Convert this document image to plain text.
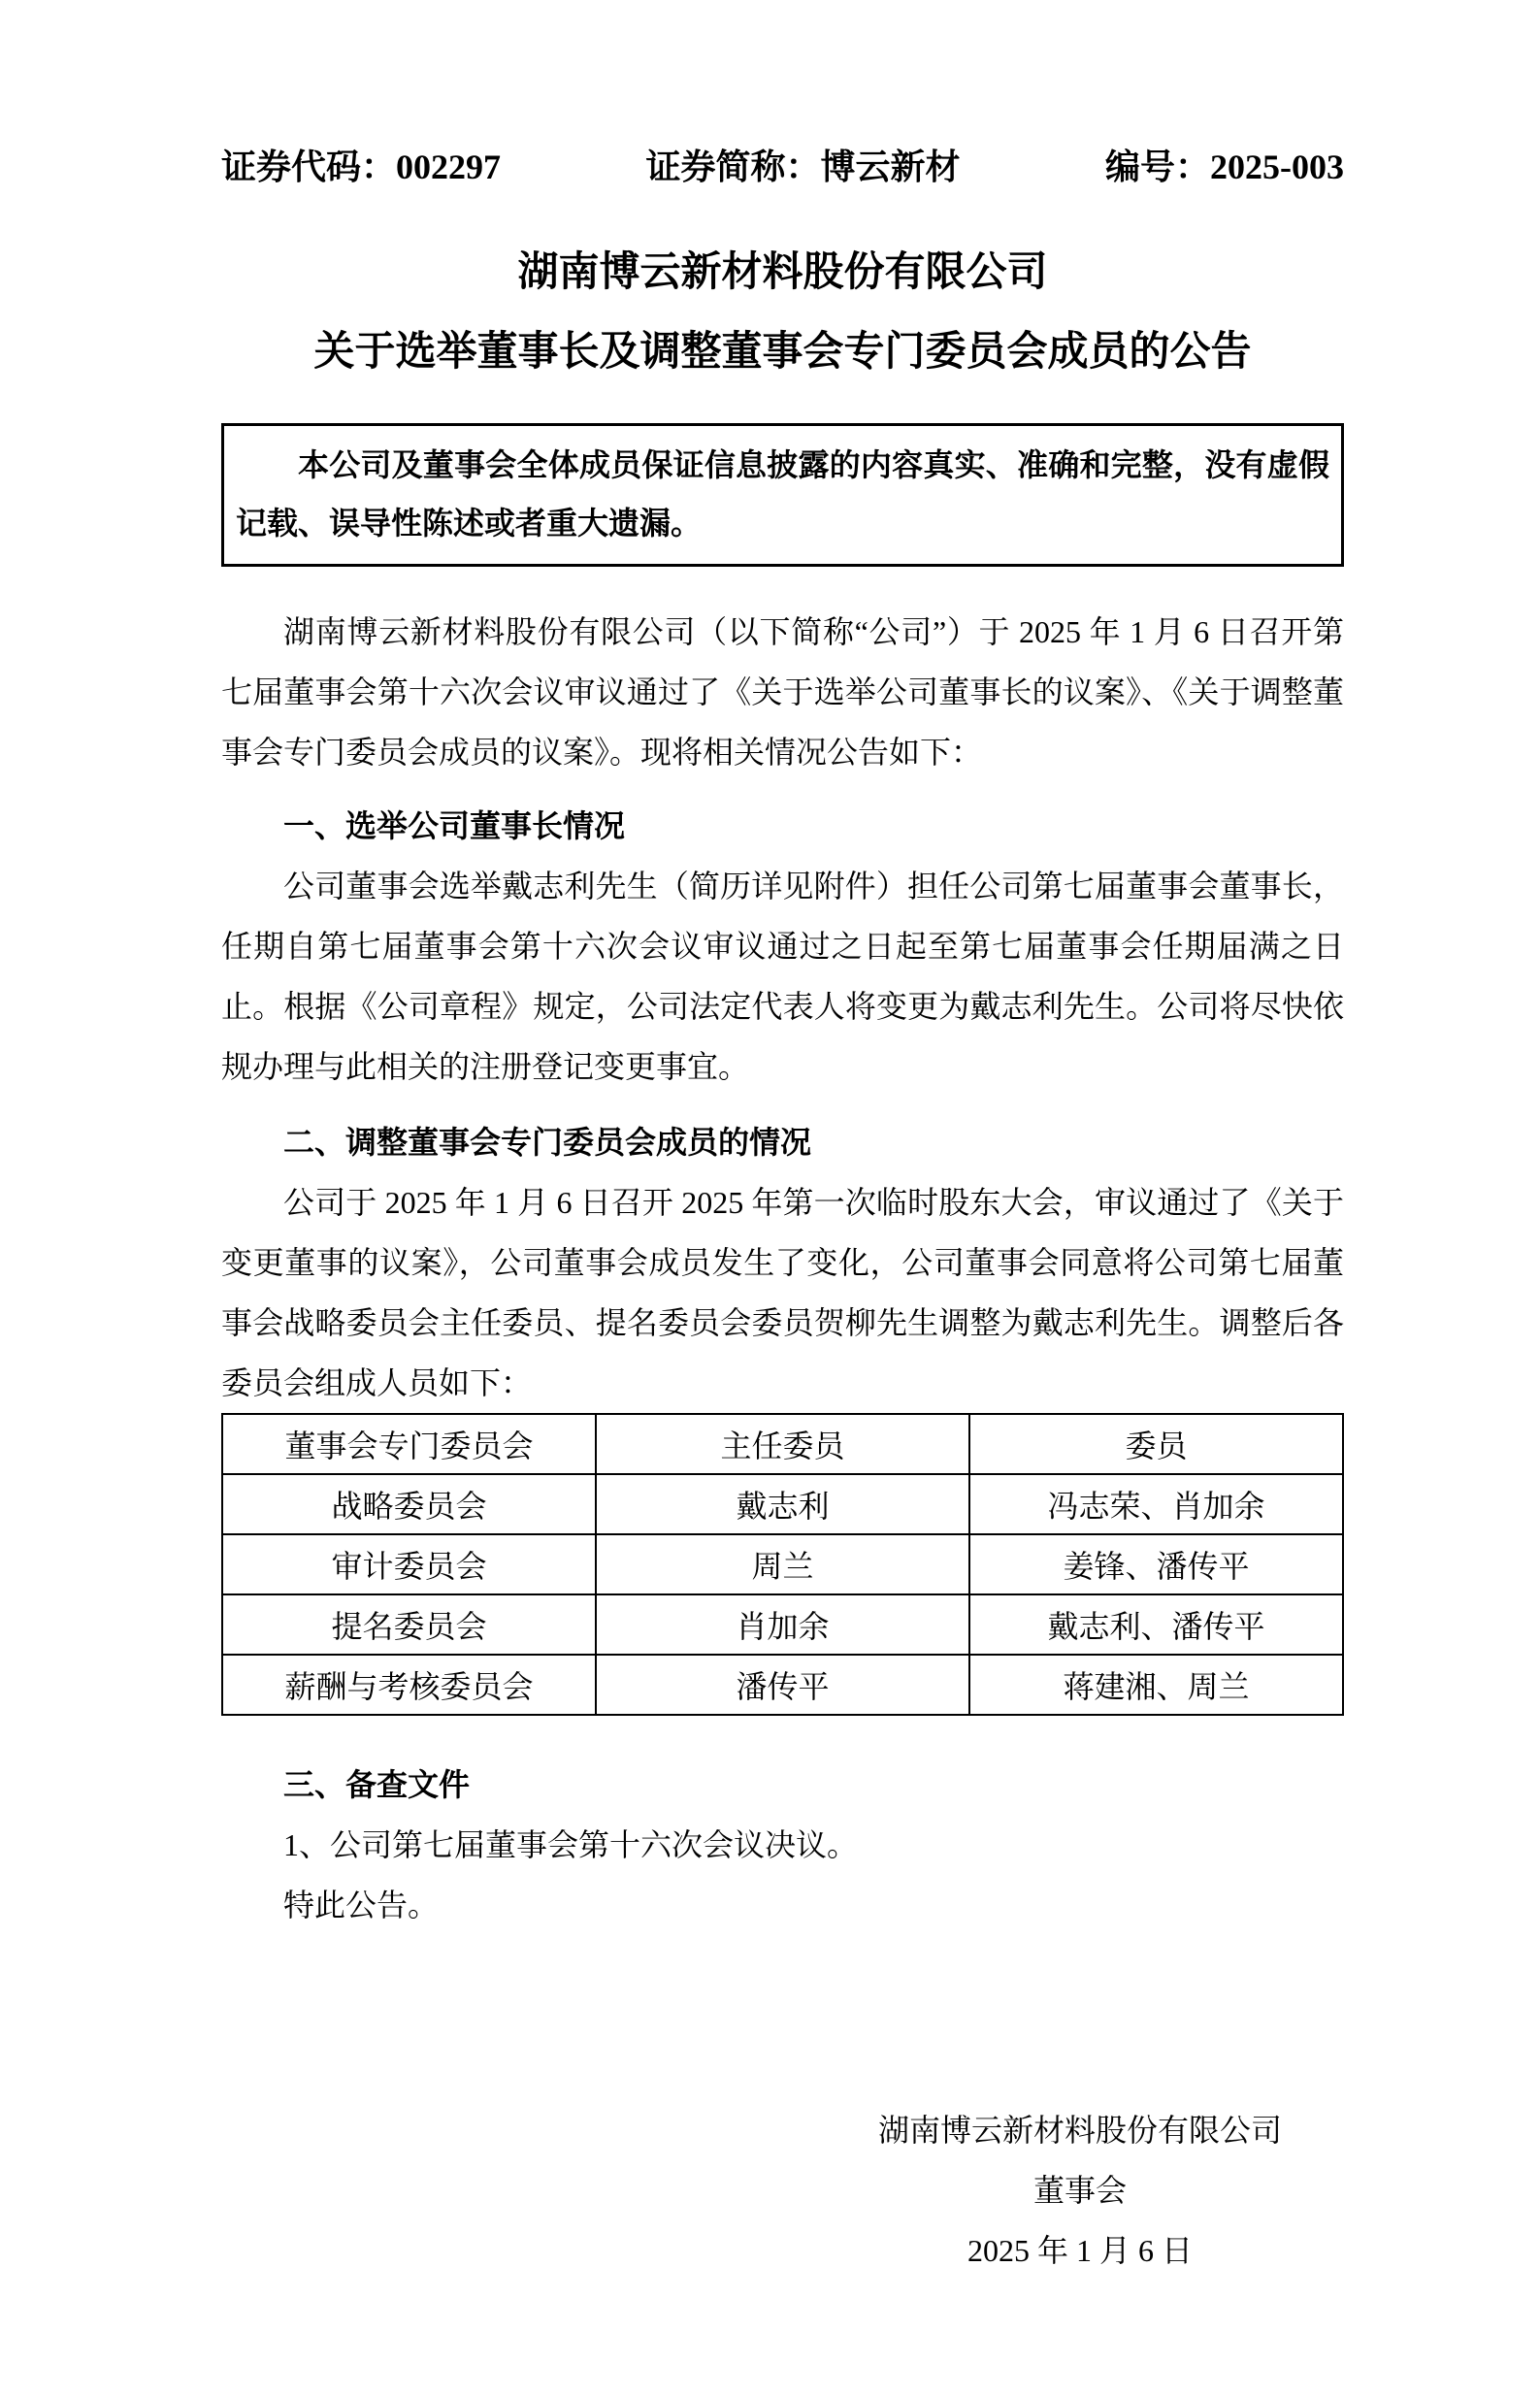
证券代码：002297	证券简称：博云新材	编号：2025-003
湖南博云新材料股份有限公司
关于选举董事长及调整董事会专门委员会成员的公告
本公司及董事会全体成员保证信息披露的内容真实、准确和完整，没有虚假记载、误导性陈述或者重大遗漏。
湖南博云新材料股份有限公司（以下简称“公司”）于 2025 年 1 月 6 日召开第七届董事会第十六次会议审议通过了《关于选举公司董事长的议案》、《关于调整董事会专门委员会成员的议案》。现将相关情况公告如下：
一、选举公司董事长情况
公司董事会选举戴志利先生（简历详见附件）担任公司第七届董事会董事长，任期自第七届董事会第十六次会议审议通过之日起至第七届董事会任期届满之日止。根据《公司章程》规定，公司法定代表人将变更为戴志利先生。公司将尽快依规办理与此相关的注册登记变更事宜。
二、调整董事会专门委员会成员的情况
公司于 2025 年 1 月 6 日召开 2025 年第一次临时股东大会，审议通过了《关于变更董事的议案》，公司董事会成员发生了变化，公司董事会同意将公司第七届董事会战略委员会主任委员、提名委员会委员贺柳先生调整为戴志利先生。调整后各委员会组成人员如下：
董事会专门委员会	主任委员	委员
战略委员会	戴志利	冯志荣、肖加余
审计委员会	周兰	姜锋、潘传平
提名委员会	肖加余	戴志利、潘传平
薪酬与考核委员会	潘传平	蒋建湘、周兰
三、备查文件
1、公司第七届董事会第十六次会议决议。
特此公告。
湖南博云新材料股份有限公司
董事会
2025 年 1 月 6 日
